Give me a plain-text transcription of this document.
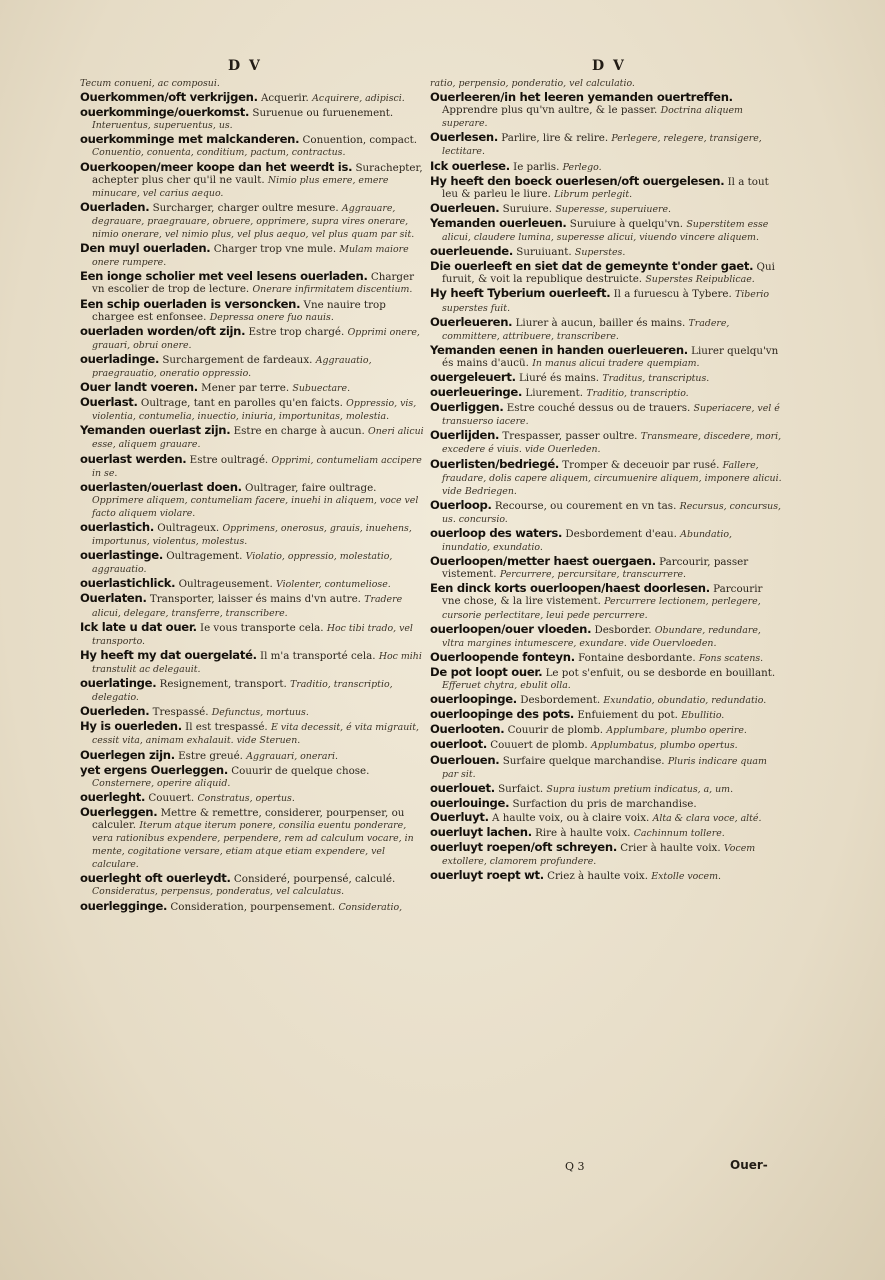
D V	D V

Tecum conueni, ac composui.

Ouerkommen/oft verkrijgen. Acquerir. Acquirere, adipisci.

ouerkomminge/ouerkomst. Suruenue ou furuenement. Interuentus, superuentus, us.

ouerkomminge met malckanderen. Conuention, compact. Conuentio, conuenta, conditium, pactum, contractus.

Ouerkoopen/meer koope dan het weerdt is. Surachepter, achepter plus cher qu'il ne vault. Nimio plus emere, emere minucare, vel carius aequo.

Ouerladen. Surcharger, charger oultre mesure. Aggrauare, degrauare, praegrauare, obruere, opprimere, supra vires onerare, nimio onerare, vel nimio plus, vel plus aequo, vel plus quam par sit.

Den muyl ouerladen. Charger trop vne mule. Mulam maiore onere rumpere.

Een ionge scholier met veel lesens ouerladen. Charger vn escolier de trop de lecture. Onerare infirmitatem discentium.

Een schip ouerladen is versoncken. Vne nauire trop chargee est enfonsee. Depressa onere fuo nauis.

ouerladen worden/oft zijn. Estre trop chargé. Opprimi onere, grauari, obrui onere.

ouerladinge. Surchargement de fardeaux. Aggrauatio, praegrauatio, oneratio oppressio.

Ouer landt voeren. Mener par terre. Subuectare.

Ouerlast. Oultrage, tant en parolles qu'en faicts. Oppressio, vis, violentia, contumelia, inuectio, iniuria, importunitas, molestia.

Yemanden ouerlast zijn. Estre en charge à aucun. Oneri alicui esse, aliquem grauare.

ouerlast werden. Estre oultragé. Opprimi, contumeliam accipere in se.

ouerlasten/ouerlast doen. Oultrager, faire oultrage. Opprimere aliquem, contumeliam facere, inuehi in aliquem, voce vel facto aliquem violare.

ouerlastich. Oultrageux. Opprimens, onerosus, grauis, inuehens, importunus, violentus, molestus.

ouerlastinge. Oultragement. Violatio, oppressio, molestatio, aggrauatio.

ouerlastichlick. Oultrageusement. Violenter, contumeliose.

Ouerlaten. Transporter, laisser és mains d'vn autre. Tradere alicui, delegare, transferre, transcribere.

Ick late u dat ouer. Ie vous transporte cela. Hoc tibi trado, vel transporto.

Hy heeft my dat ouergelaté. Il m'a transporté cela. Hoc mihi transtulit ac delegauit.

ouerlatinge. Resignement, transport. Traditio, transcriptio, delegatio.

Ouerleden. Trespassé. Defunctus, mortuus.

Hy is ouerleden. Il est trespassé. E vita decessit, é vita migrauit, cessit vita, animam exhalauit. vide Steruen.

Ouerlegen zijn. Estre greué. Aggrauari, onerari.

yet ergens Ouerleggen. Couurir de quelque chose. Consternere, operire aliquid.

ouerleght. Couuert. Constratus, opertus.

Ouerleggen. Mettre & remettre, considerer, pourpenser, ou calculer. Iterum atque iterum ponere, consilia euentu ponderare, vera rationibus expendere, perpendere, rem ad calculum vocare, in mente, cogitatione versare, etiam atque etiam expendere, vel calculare.

ouerleght oft ouerleydt. Consideré, pourpensé, calculé. Consideratus, perpensus, ponderatus, vel calculatus.

ouerlegginge. Consideration, pourpensement. Consideratio,

ratio, perpensio, ponderatio, vel calculatio.

Ouerleeren/in het leeren yemanden ouertreffen. Apprendre plus qu'vn aultre, & le passer. Doctrina aliquem superare.

Ouerlesen. Parlire, lire & relire. Perlegere, relegere, transigere, lectitare.

Ick ouerlese. Ie parlis. Perlego.

Hy heeft den boeck ouerlesen/oft ouergelesen. Il a tout leu & parleu le liure. Librum perlegit.

Ouerleuen. Suruiure. Superesse, superuiuere.

Yemanden ouerleuen. Suruiure à quelqu'vn. Superstitem esse alicui, claudere lumina, superesse alicui, viuendo vincere aliquem.

ouerleuende. Suruiuant. Superstes.

Die ouerleeft en siet dat de gemeynte t'onder gaet. Qui furuit, & voit la republique destruicte. Superstes Reipublicae.

Hy heeft Tyberium ouerleeft. Il a furuescu à Tybere. Tiberio superstes fuit.

Ouerleueren. Liurer à aucun, bailler és mains. Tradere, committere, attribuere, transcribere.

Yemanden eenen in handen ouerleueren. Liurer quelqu'vn és mains d'aucü. In manus alicui tradere quempiam.

ouergeleuert. Liuré és mains. Traditus, transcriptus.

ouerleueringe. Liurement. Traditio, transcriptio.

Ouerliggen. Estre couché dessus ou de trauers. Superiacere, vel é transuerso iacere.

Ouerlijden. Trespasser, passer oultre. Transmeare, discedere, mori, excedere é viuis. vide Ouerleden.

Ouerlisten/bedriegé. Tromper & deceuoir par rusé. Fallere, fraudare, dolis capere aliquem, circumuenire aliquem, imponere alicui. vide Bedriegen.

Ouerloop. Recourse, ou courement en vn tas. Recursus, concursus, us. concursio.

ouerloop des waters. Desbordement d'eau. Abundatio, inundatio, exundatio.

Ouerloopen/metter haest ouergaen. Parcourir, passer vistement. Percurrere, percursitare, transcurrere.

Een dinck korts ouerloopen/haest doorlesen. Parcourir vne chose, & la lire vistement. Percurrere lectionem, perlegere, cursorie perlectitare, leui pede percurrere.

ouerloopen/ouer vloeden. Desborder. Obundare, redundare, vltra margines intumescere, exundare. vide Ouervloeden.

Ouerloopende fonteyn. Fontaine desbordante. Fons scatens.

De pot loopt ouer. Le pot s'enfuit, ou se desborde en bouillant. Efferuet chytra, ebulit olla.

ouerloopinge. Desbordement. Exundatio, obundatio, redundatio.

ouerloopinge des pots. Enfuiement du pot. Ebullitio.

Ouerlooten. Couurir de plomb. Applumbare, plumbo operire.

ouerloot. Couuert de plomb. Applumbatus, plumbo opertus.

Ouerlouen. Surfaire quelque marchandise. Pluris indicare quam par sit.

ouerlouet. Surfaict. Supra iustum pretium indicatus, a, um.

ouerlouinge. Surfaction du pris de marchandise.

Ouerluyt. A haulte voix, ou à claire voix. Alta & clara voce, alté.

ouerluyt lachen. Rire à haulte voix. Cachinnum tollere.

ouerluyt roepen/oft schreyen. Crier à haulte voix. Vocem extollere, clamorem profundere.

ouerluyt roept wt. Criez à haulte voix. Extolle vocem.

Q 3	Ouer-
